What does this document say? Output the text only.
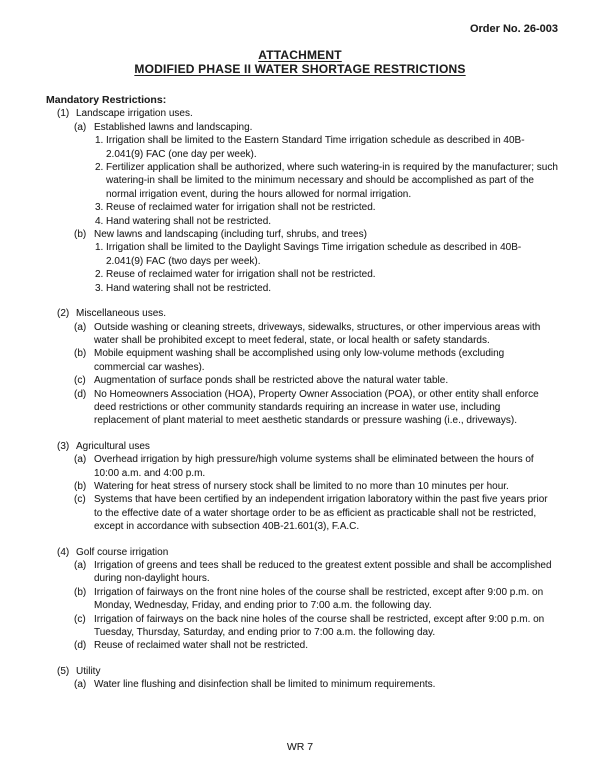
Order No. 26-003
ATTACHMENT
MODIFIED PHASE II WATER SHORTAGE RESTRICTIONS
Mandatory Restrictions:
(1) Landscape irrigation uses.
(a) Established lawns and landscaping.
1. Irrigation shall be limited to the Eastern Standard Time irrigation schedule as described in 40B-2.041(9) FAC (one day per week).
2. Fertilizer application shall be authorized, where such watering-in is required by the manufacturer; such watering-in shall be limited to the minimum necessary and should be accomplished as part of the normal irrigation event, during the hours allowed for normal irrigation.
3. Reuse of reclaimed water for irrigation shall not be restricted.
4. Hand watering shall not be restricted.
(b) New lawns and landscaping (including turf, shrubs, and trees)
1. Irrigation shall be limited to the Daylight Savings Time irrigation schedule as described in 40B-2.041(9) FAC (two days per week).
2. Reuse of reclaimed water for irrigation shall not be restricted.
3. Hand watering shall not be restricted.
(2) Miscellaneous uses.
(a) Outside washing or cleaning streets, driveways, sidewalks, structures, or other impervious areas with water shall be prohibited except to meet federal, state, or local health or safety standards.
(b) Mobile equipment washing shall be accomplished using only low-volume methods (excluding commercial car washes).
(c) Augmentation of surface ponds shall be restricted above the natural water table.
(d) No Homeowners Association (HOA), Property Owner Association (POA), or other entity shall enforce deed restrictions or other community standards requiring an increase in water use, including replacement of plant material to meet aesthetic standards or pressure washing (i.e., driveways).
(3) Agricultural uses
(a) Overhead irrigation by high pressure/high volume systems shall be eliminated between the hours of 10:00 a.m. and 4:00 p.m.
(b) Watering for heat stress of nursery stock shall be limited to no more than 10 minutes per hour.
(c) Systems that have been certified by an independent irrigation laboratory within the past five years prior to the effective date of a water shortage order to be as efficient as practicable shall not be restricted, except in accordance with subsection 40B-21.601(3), F.A.C.
(4) Golf course irrigation
(a) Irrigation of greens and tees shall be reduced to the greatest extent possible and shall be accomplished during non-daylight hours.
(b) Irrigation of fairways on the front nine holes of the course shall be restricted, except after 9:00 p.m. on Monday, Wednesday, Friday, and ending prior to 7:00 a.m. the following day.
(c) Irrigation of fairways on the back nine holes of the course shall be restricted, except after 9:00 p.m. on Tuesday, Thursday, Saturday, and ending prior to 7:00 a.m. the following day.
(d) Reuse of reclaimed water shall not be restricted.
(5) Utility
(a) Water line flushing and disinfection shall be limited to minimum requirements.
WR 7
